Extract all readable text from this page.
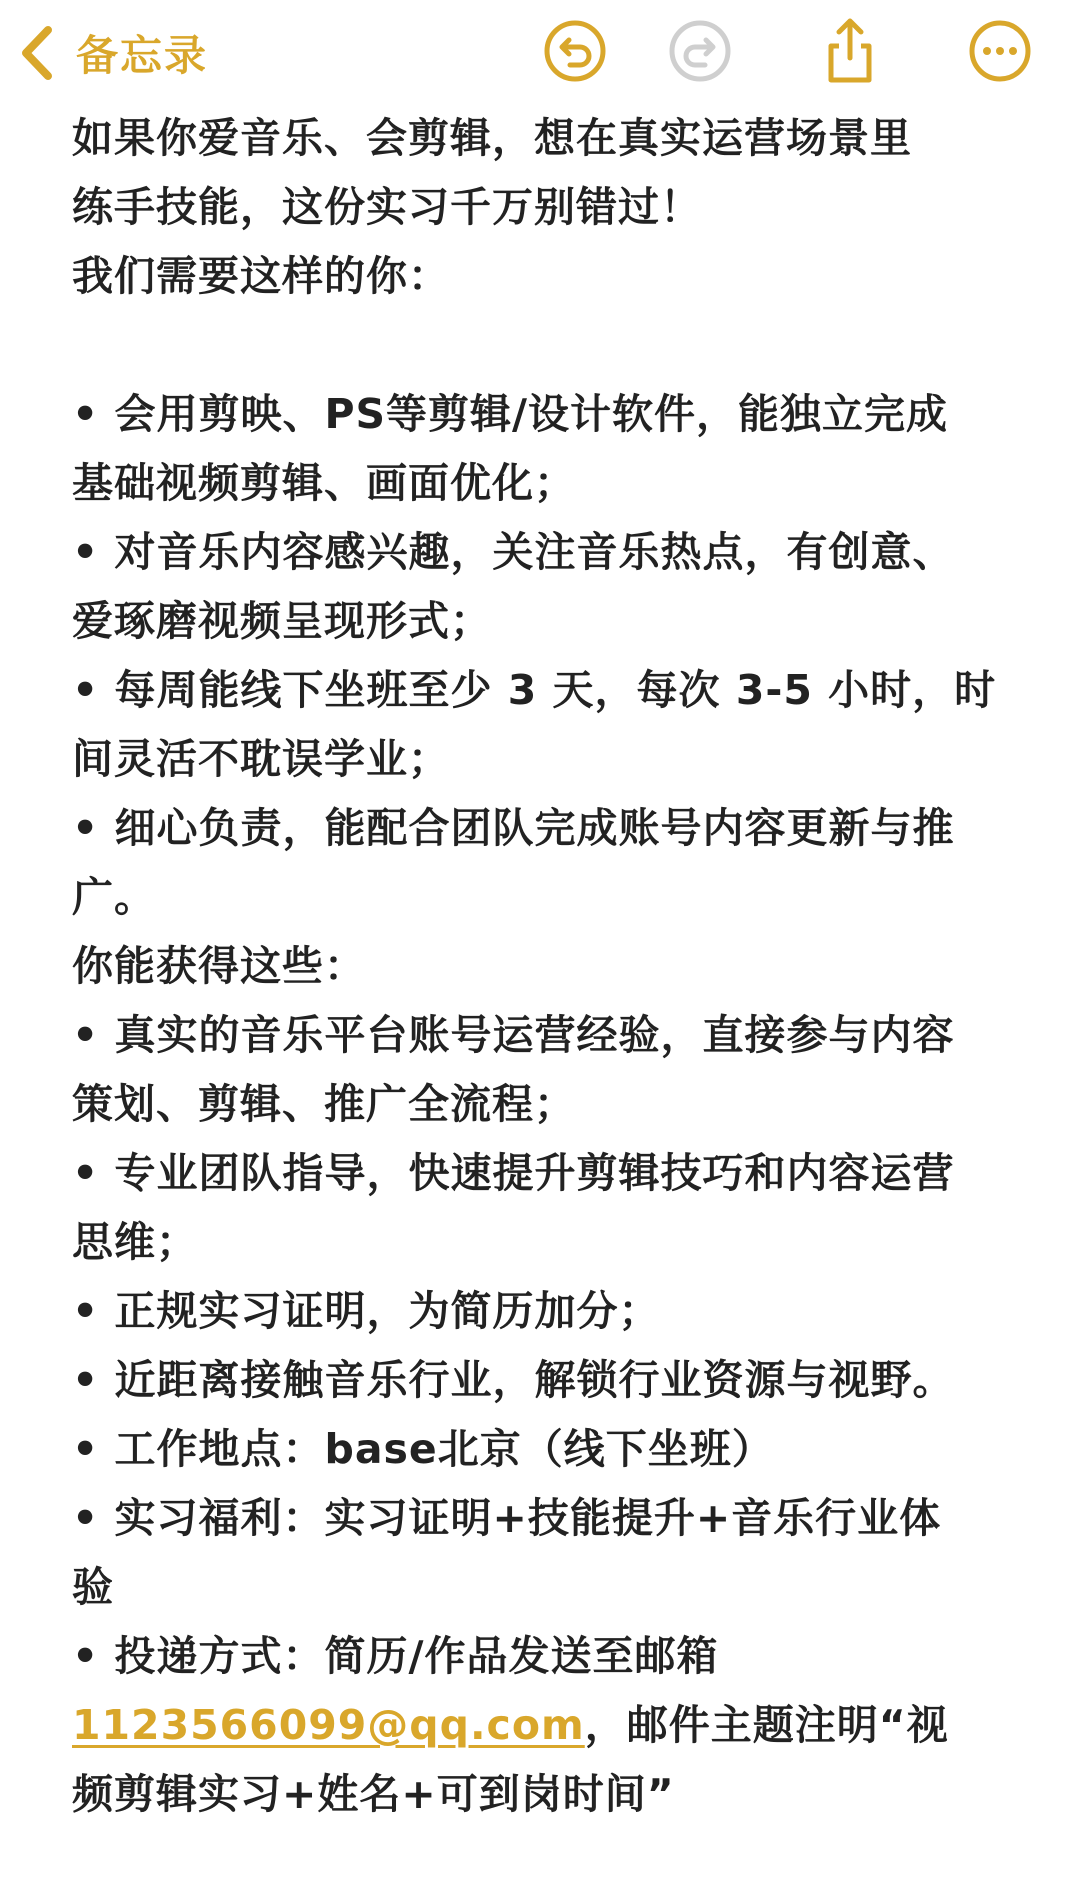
备忘录
如果你爱音乐、会剪辑，想在真实运营场景里
练手技能，这份实习千万别错过！
我们需要这样的你：
• 会用剪映、PS等剪辑/设计软件，能独立完成
基础视频剪辑、画面优化；
• 对音乐内容感兴趣，关注音乐热点，有创意、
爱琢磨视频呈现形式；
• 每周能线下坐班至少 3 天，每次 3-5 小时，时
间灵活不耽误学业；
• 细心负责，能配合团队完成账号内容更新与推
广。
你能获得这些：
• 真实的音乐平台账号运营经验，直接参与内容
策划、剪辑、推广全流程；
• 专业团队指导，快速提升剪辑技巧和内容运营
思维；
• 正规实习证明，为简历加分；
• 近距离接触音乐行业，解锁行业资源与视野。
• 工作地点：base北京（线下坐班）
• 实习福利：实习证明+技能提升+音乐行业体
验
• 投递方式：简历/作品发送至邮箱
1123566099@qq.com，邮件主题注明“视
频剪辑实习+姓名+可到岗时间”
